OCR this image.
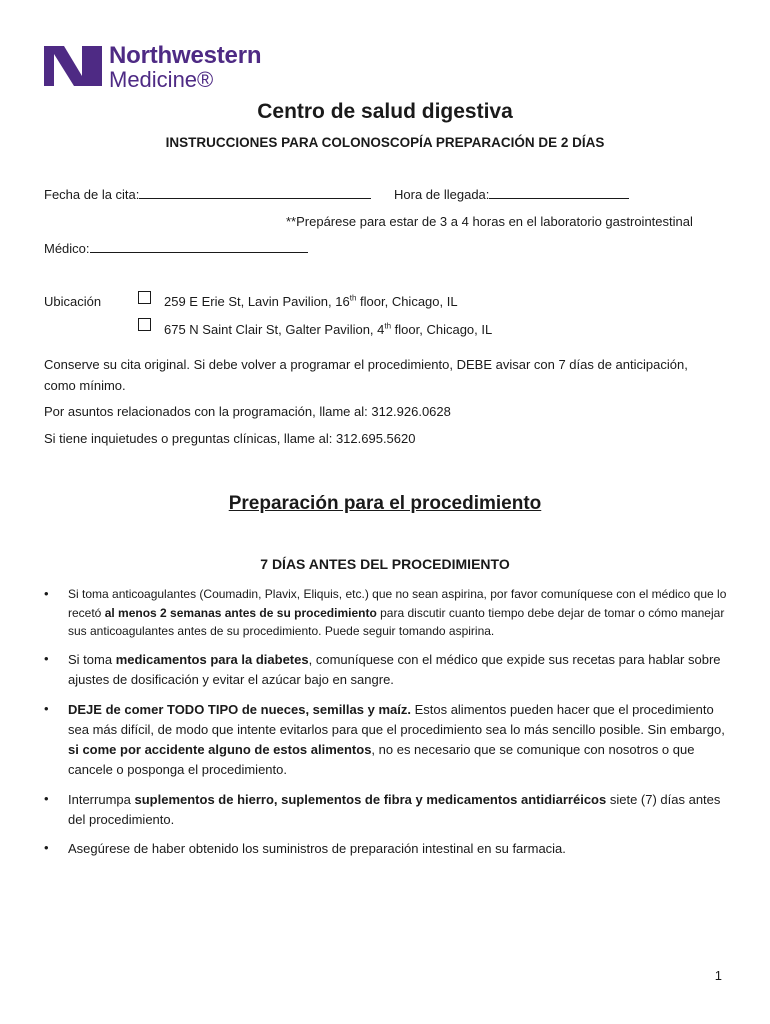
Northwestern
Medicine®
Centro de salud digestiva
INSTRUCCIONES PARA COLONOSCOPÍA PREPARACIÓN DE 2 DÍAS
Fecha de la cita:	Hora de llegada:
**Prepárese para estar de 3 a 4 horas en el laboratorio gastrointestinal
Médico:
Ubicación	259 E Erie St, Lavin Pavilion, 16th floor, Chicago, IL
675 N Saint Clair St, Galter Pavilion, 4th floor, Chicago, IL
Conserve su cita original. Si debe volver a programar el procedimiento, DEBE avisar con 7 días de anticipación,
como mínimo.
Por asuntos relacionados con la programación, llame al: 312.926.0628
Si tiene inquietudes o preguntas clínicas, llame al: 312.695.5620
Preparación para el procedimiento
7 DÍAS ANTES DEL PROCEDIMIENTO
• Si toma anticoagulantes (Coumadin, Plavix, Eliquis, etc.) que no sean aspirina, por favor comuníquese con el médico que lo recetó al menos 2 semanas antes de su procedimiento para discutir cuanto tiempo debe dejar de tomar o cómo manejar sus anticoagulantes antes de su procedimiento. Puede seguir tomando aspirina.
• Si toma medicamentos para la diabetes, comuníquese con el médico que expide sus recetas para hablar sobre ajustes de dosificación y evitar el azúcar bajo en sangre.
• DEJE de comer TODO TIPO de nueces, semillas y maíz. Estos alimentos pueden hacer que el procedimiento sea más difícil, de modo que intente evitarlos para que el procedimiento sea lo más sencillo posible. Sin embargo, si come por accidente alguno de estos alimentos, no es necesario que se comunique con nosotros o que cancele o posponga el procedimiento.
• Interrumpa suplementos de hierro, suplementos de fibra y medicamentos antidiarréicos siete (7) días antes del procedimiento.
• Asegúrese de haber obtenido los suministros de preparación intestinal en su farmacia.
1
